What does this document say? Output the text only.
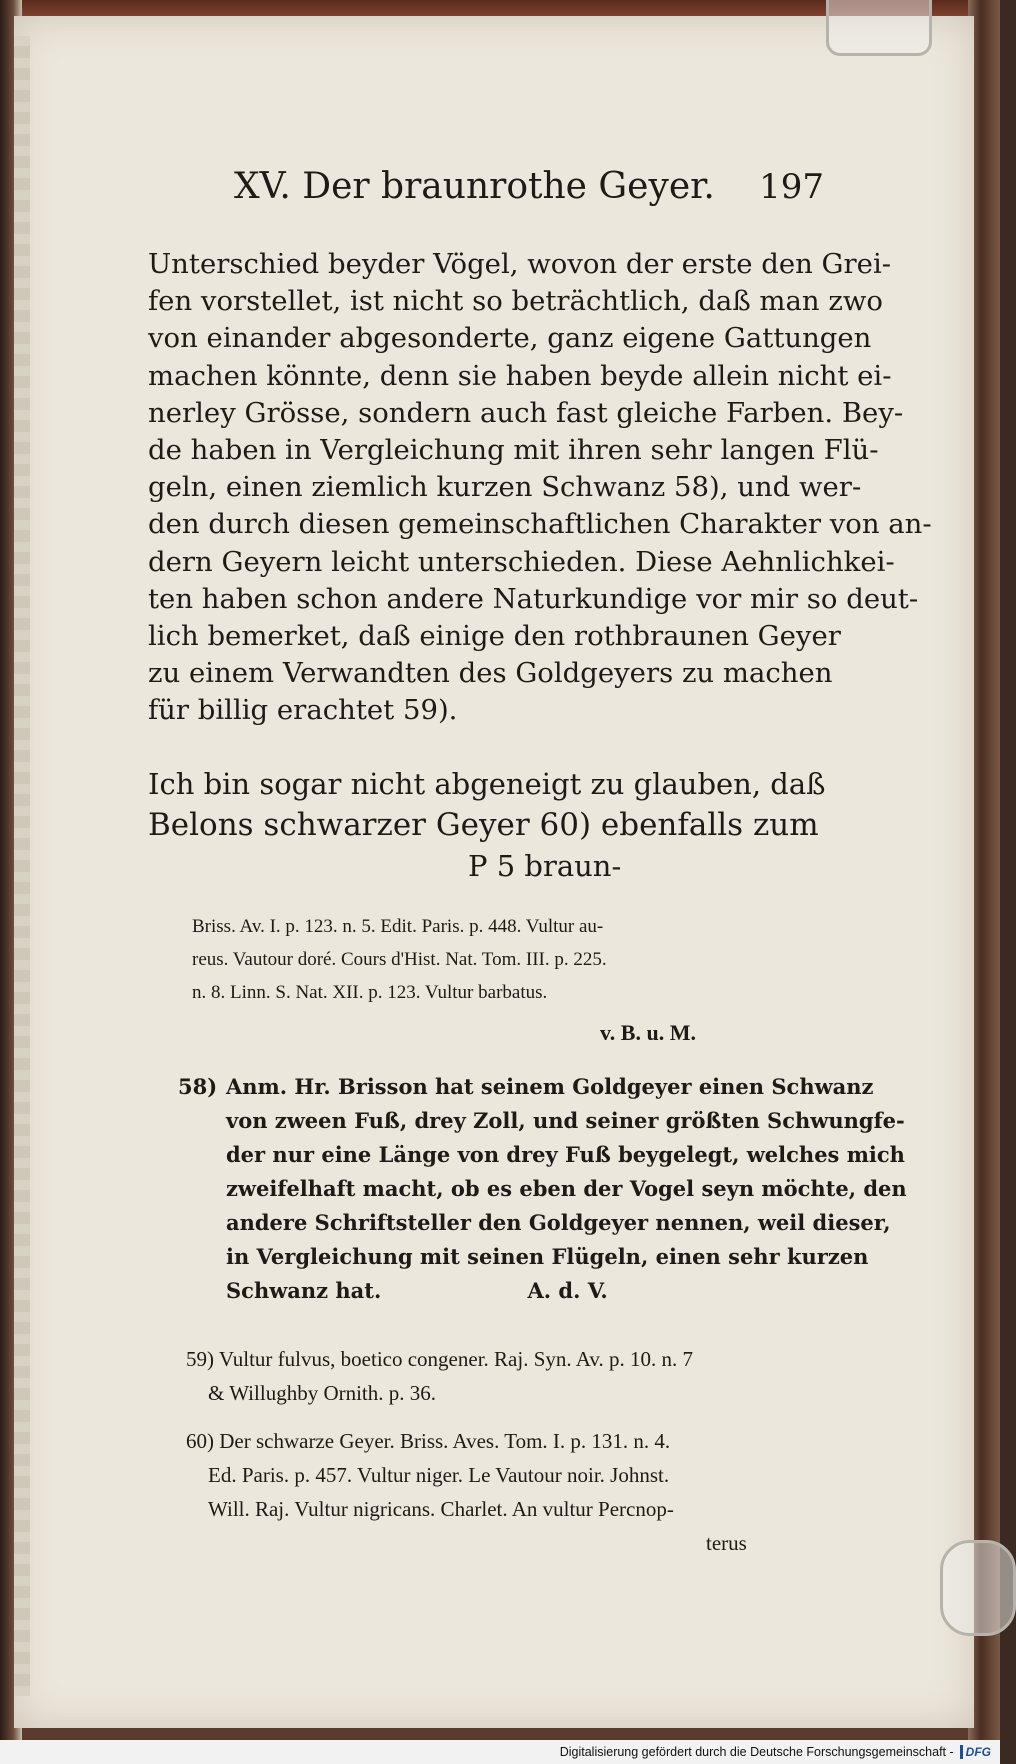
XV. Der braunrothe Geyer. 197
Unterschied beyder Vögel, wovon der erste den Grei-
fen vorstellet, ist nicht so beträchtlich, daß man zwo
von einander abgesonderte, ganz eigene Gattungen
machen könnte, denn sie haben beyde allein nicht ei-
nerley Grösse, sondern auch fast gleiche Farben. Bey-
de haben in Vergleichung mit ihren sehr langen Flü-
geln, einen ziemlich kurzen Schwanz 58), und wer-
den durch diesen gemeinschaftlichen Charakter von an-
dern Geyern leicht unterschieden. Diese Aehnlichkei-
ten haben schon andere Naturkundige vor mir so deut-
lich bemerket, daß einige den rothbraunen Geyer
zu einem Verwandten des Goldgeyers zu machen
für billig erachtet 59).
Ich bin sogar nicht abgeneigt zu glauben, daß
Belons schwarzer Geyer 60) ebenfalls zum
P 5 braun-
Briss. Av. I. p. 123. n. 5. Edit. Paris. p. 448. Vultur au-
reus. Vautour doré. Cours d'Hist. Nat. Tom. III. p. 225.
n. 8. Linn. S. Nat. XII. p. 123. Vultur barbatus.
v. B. u. M.
58) Anm. Hr. Brisson hat seinem Goldgeyer einen Schwanz
von zween Fuß, drey Zoll, und seiner größten Schwungfe-
der nur eine Länge von drey Fuß beygelegt, welches mich
zweifelhaft macht, ob es eben der Vogel seyn möchte, den
andere Schriftsteller den Goldgeyer nennen, weil dieser,
in Vergleichung mit seinen Flügeln, einen sehr kurzen
Schwanz hat.                    A. d. V.
59) Vultur fulvus, boetico congener. Raj. Syn. Av. p. 10. n. 7
& Willughby Ornith. p. 36.
60) Der schwarze Geyer. Briss. Aves. Tom. I. p. 131. n. 4.
Ed. Paris. p. 457. Vultur niger. Le Vautour noir. Johnst.
Will. Raj. Vultur nigricans. Charlet. An vultur Percnop-
terus
Digitalisierung gefördert durch die Deutsche Forschungsgemeinschaft -	DFG
